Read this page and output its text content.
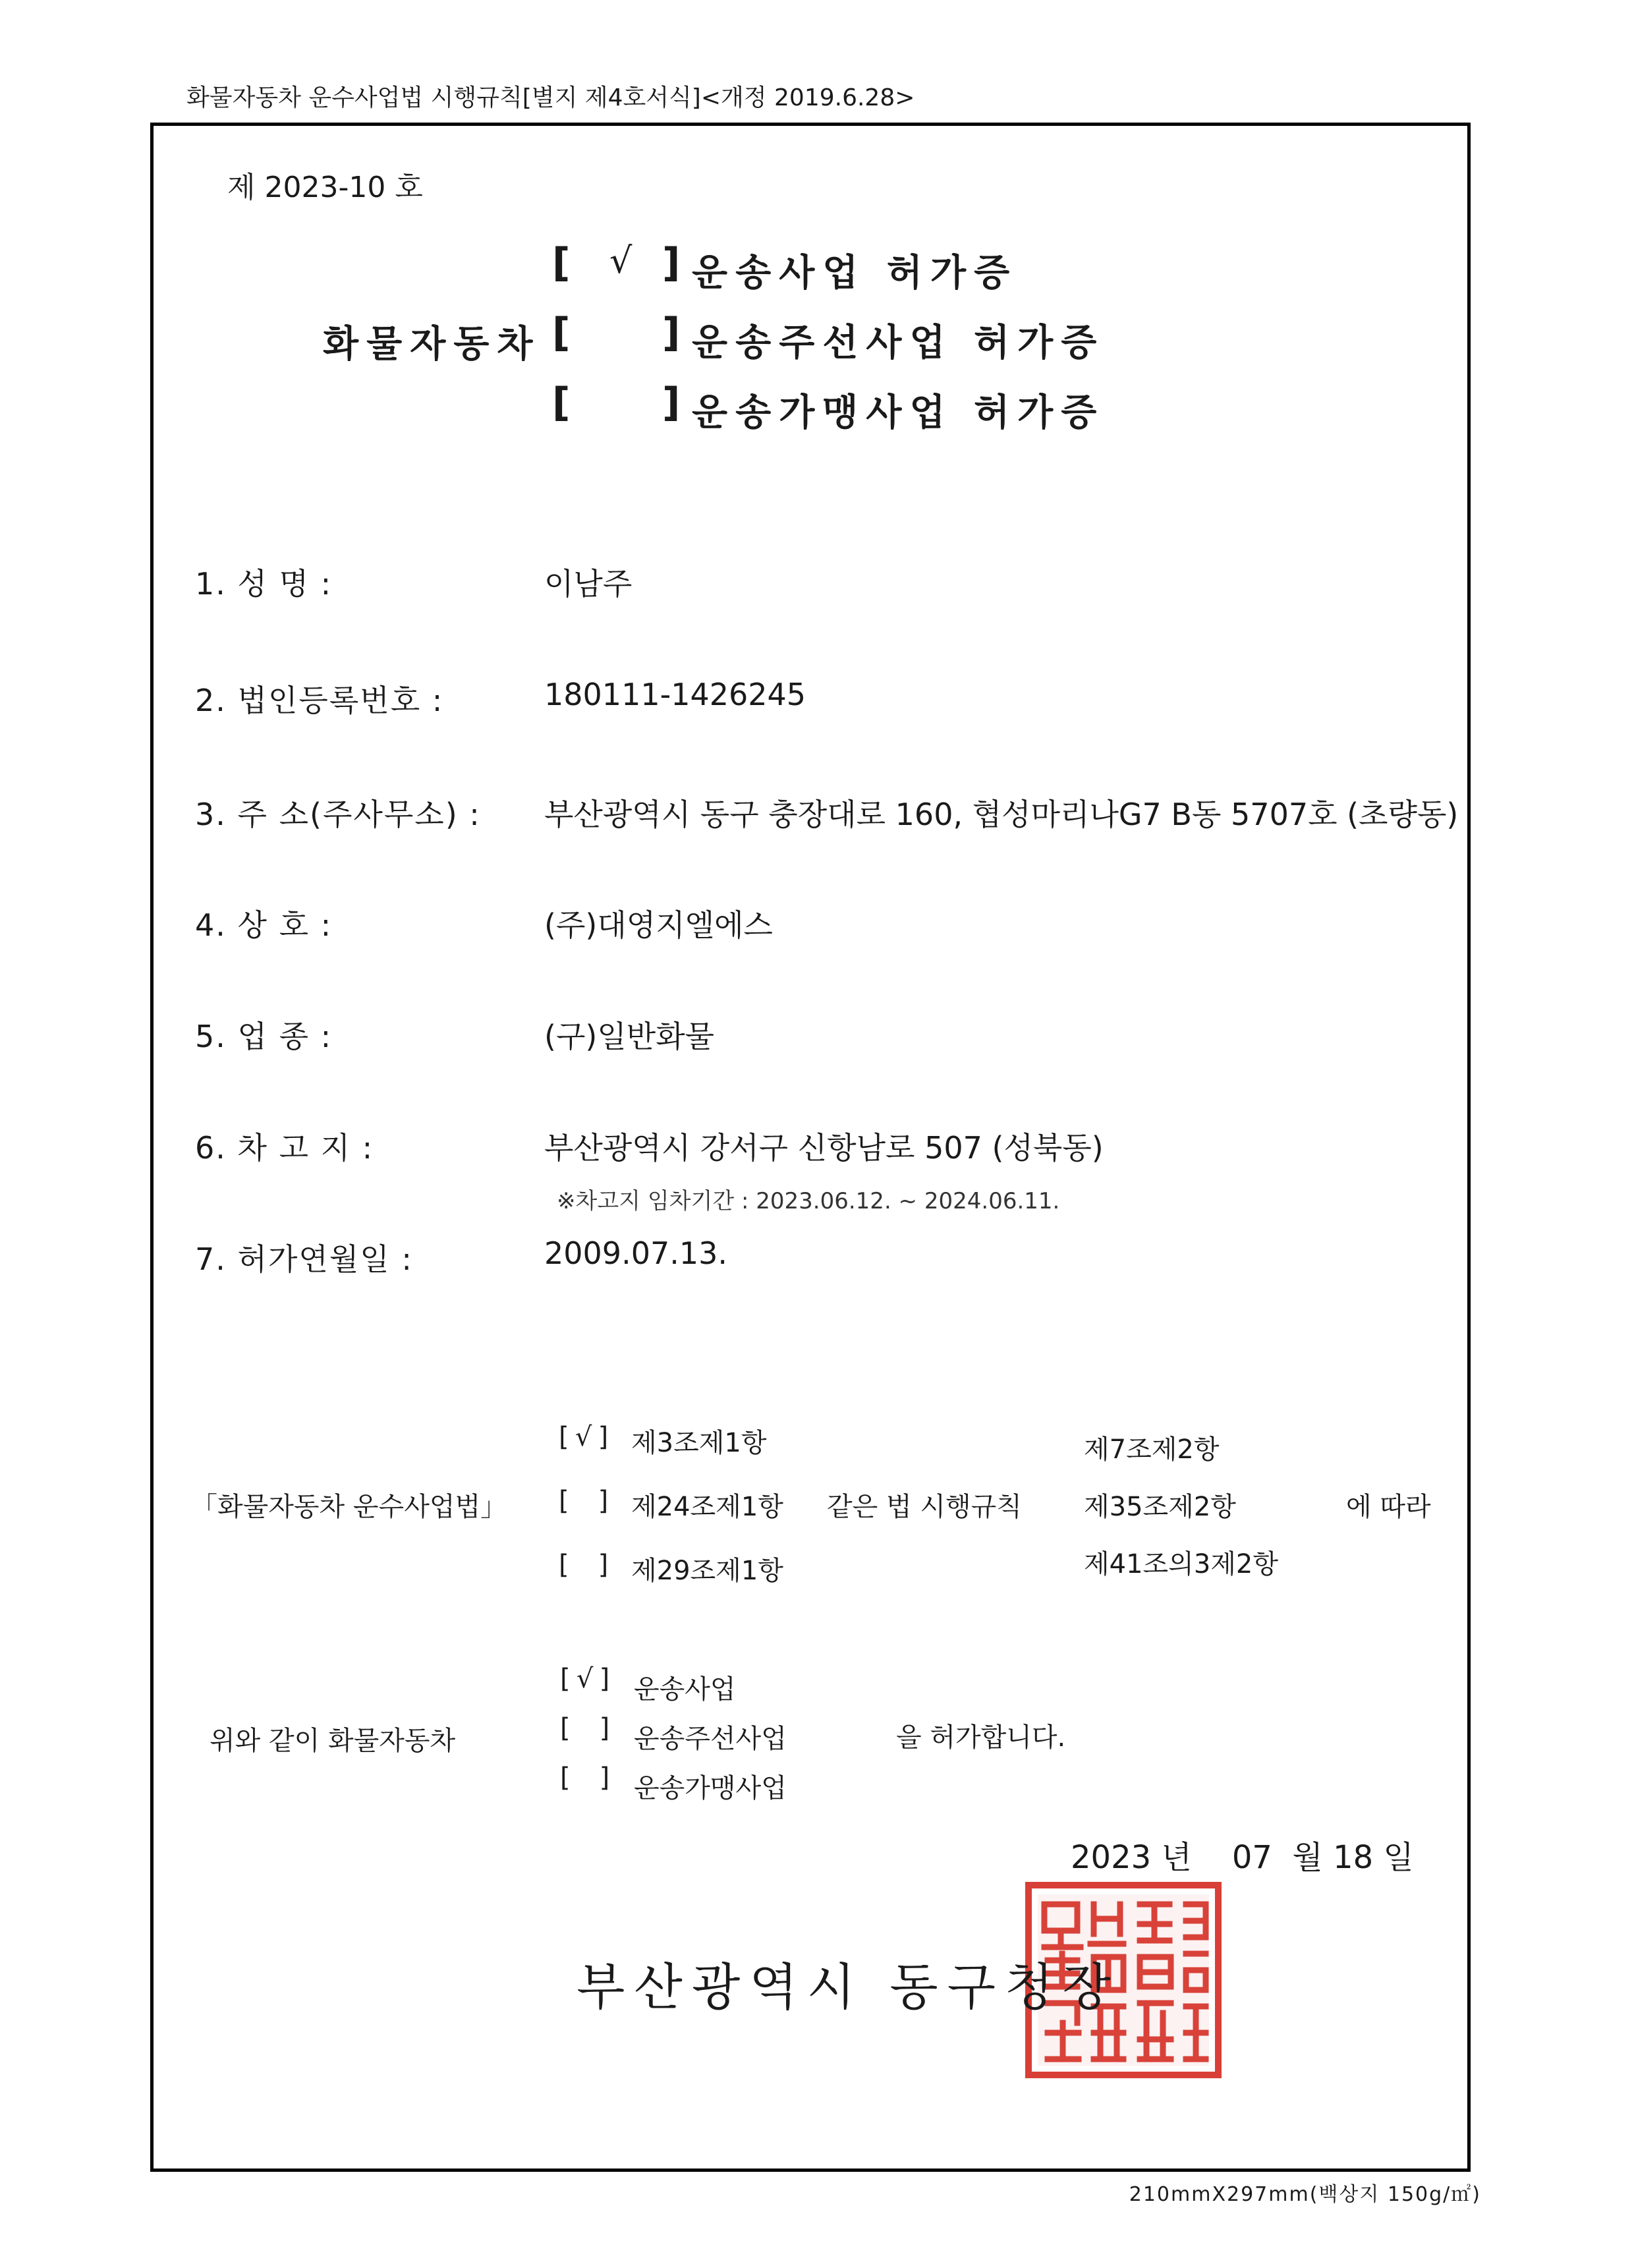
화물자동차 운수사업법 시행규칙[별지 제4호서식]<개정 2019.6.28>
제 2023-10 호
화물자동차
[ √ ] 운송사업 허가증
[ ] 운송주선사업 허가증
[ ] 운송가맹사업 허가증
1. 성 명 :	이남주
2. 법인등록번호 :	180111-1426245
3. 주 소(주사무소) : 부산광역시 동구 충장대로 160, 협성마리나G7 B동 5707호 (초량동)
4. 상 호 :	(주)대영지엘에스
5. 업 종 :	(구)일반화물
6. 차 고 지 :	부산광역시 강서구 신항남로 507 (성북동)
※차고지 임차기간 : 2023.06.12. ~ 2024.06.11.
7. 허가연월일 :	2009.07.13.
「화물자동차 운수사업법」
[ √ ] 제3조제1항
[ ] 제24조제1항
[ ] 제29조제1항
같은 법 시행규칙
제7조제2항
제35조제2항
제41조의3제2항
에 따라
위와 같이 화물자동차
[ √ ] 운송사업
[ ] 운송주선사업
[ ] 운송가맹사업
을 허가합니다.
2023 년 07 월 18 일
부산광역시 동구청장
210mmX297mm(백상지 150g/㎡)
